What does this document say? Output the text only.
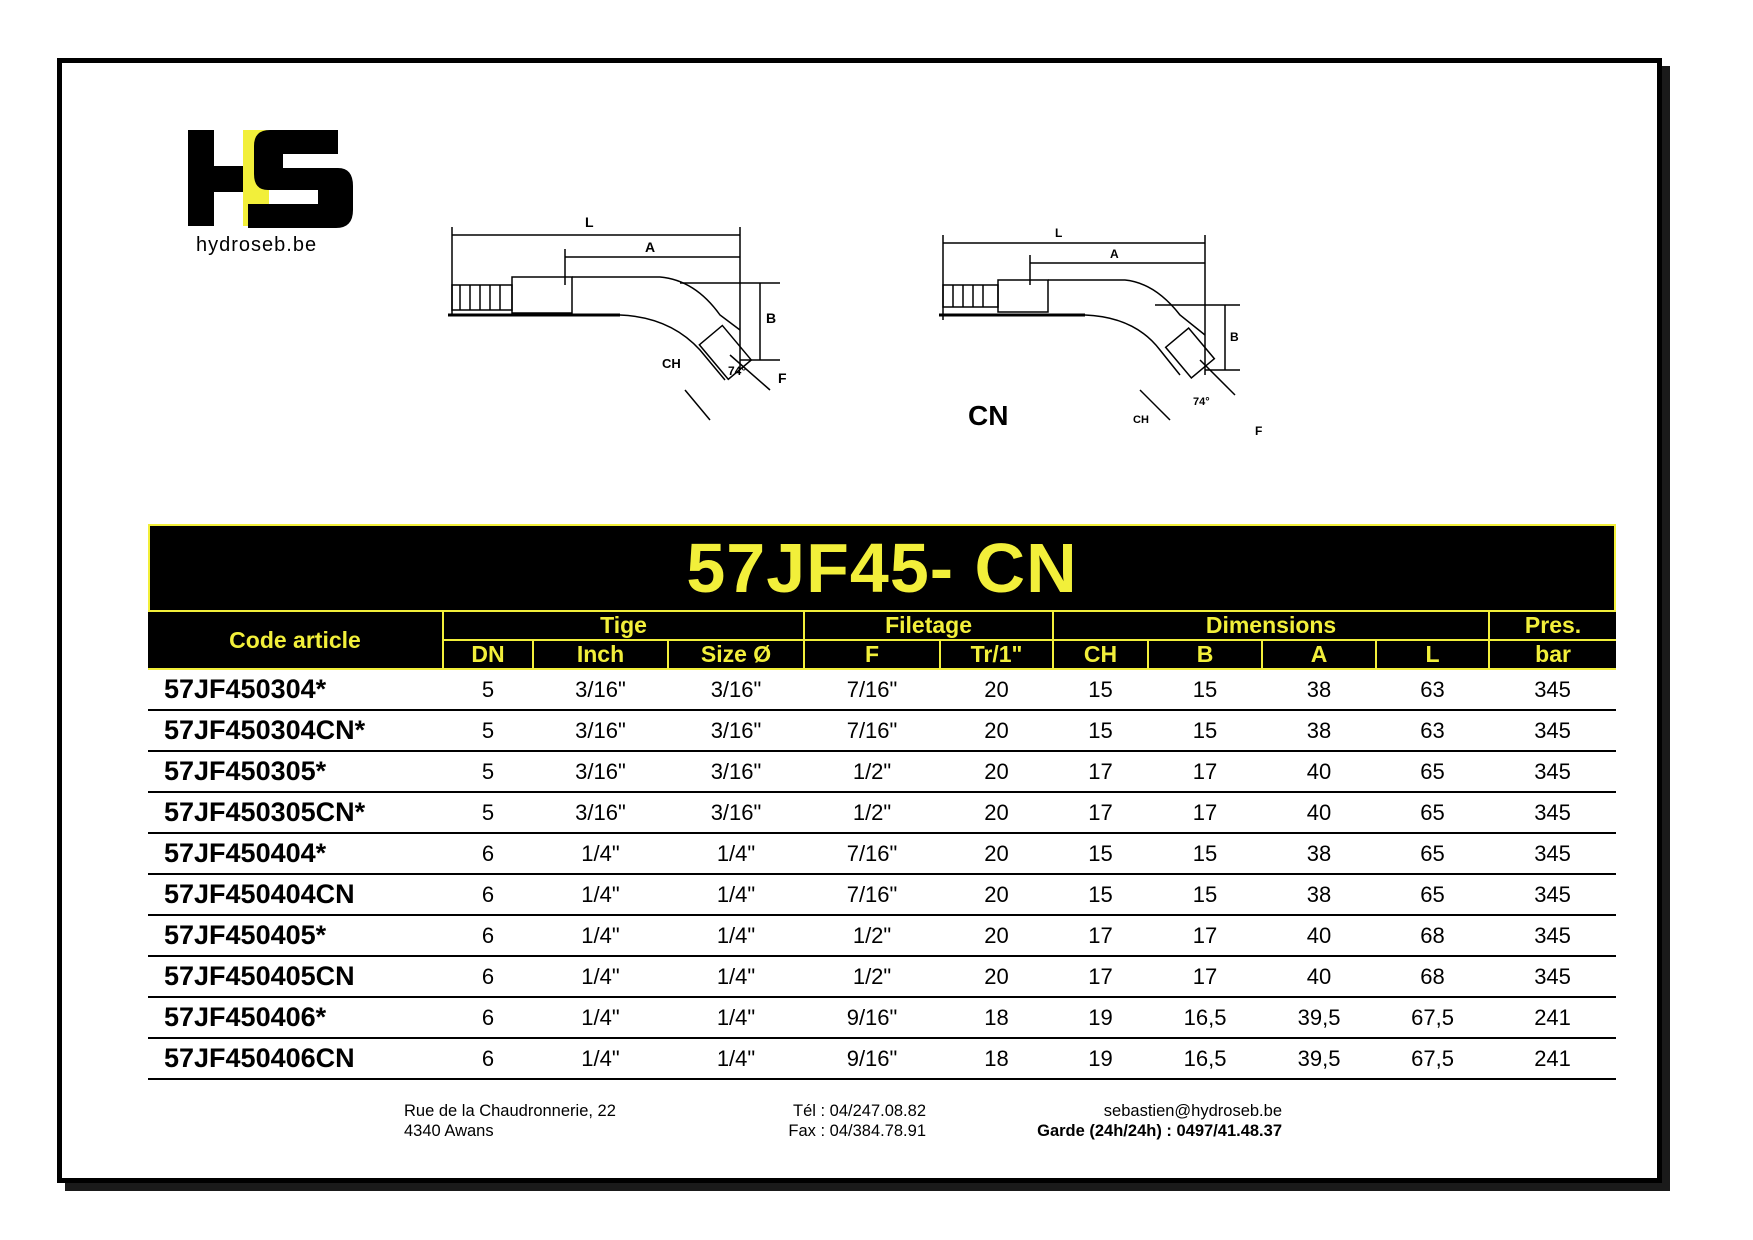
hydroseb.be
L
A
B
CH	74° F
L
A
B
CH
74°
F
CN
57JF45- CN
Code article	Tige			Filetage		Dimensions				Pres.
	DN	Inch	Size Ø	F	Tr/1"	CH	B	A	L	bar
57JF450304*	5	3/16"	3/16"	7/16"	20	15	15	38	63	345
57JF450304CN*	5	3/16"	3/16"	7/16"	20	15	15	38	63	345
57JF450305*	5	3/16"	3/16"	1/2"	20	17	17	40	65	345
57JF450305CN*	5	3/16"	3/16"	1/2"	20	17	17	40	65	345
57JF450404*	6	1/4"	1/4"	7/16"	20	15	15	38	65	345
57JF450404CN	6	1/4"	1/4"	7/16"	20	15	15	38	65	345
57JF450405*	6	1/4"	1/4"	1/2"	20	17	17	40	68	345
57JF450405CN	6	1/4"	1/4"	1/2"	20	17	17	40	68	345
57JF450406*	6	1/4"	1/4"	9/16"	18	19	16,5	39,5	67,5	241
57JF450406CN	6	1/4"	1/4"	9/16"	18	19	16,5	39,5	67,5	241
Rue de la Chaudronnerie, 22
4340 Awans
Tél : 04/247.08.82
Fax : 04/384.78.91
sebastien@hydroseb.be
Garde (24h/24h) : 0497/41.48.37
